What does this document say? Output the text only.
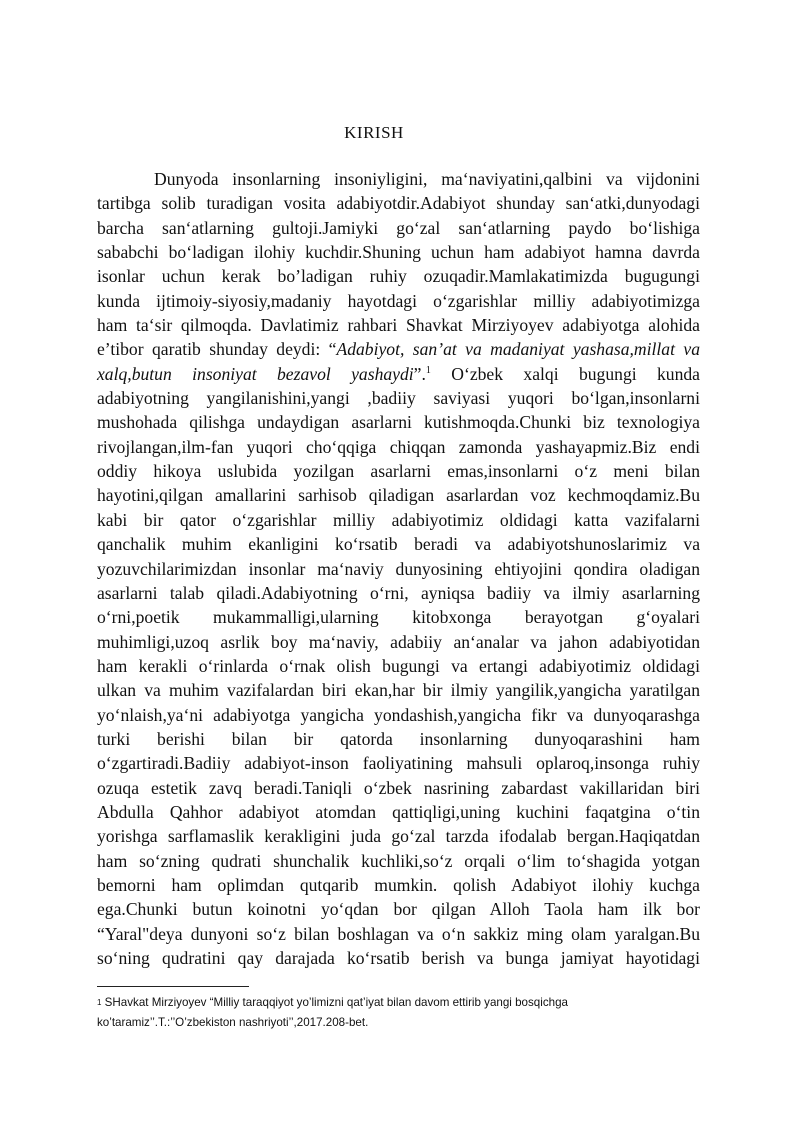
KIRISH
Dunyoda insonlarning insoniyligini, ma‘naviyatini,qalbini va vijdonini
tartibga solib turadigan vosita adabiyotdir.Adabiyot shunday san‘atki,dunyodagi
barcha san‘atlarning gultoji.Jamiyki go‘zal san‘atlarning paydo bo‘lishiga
sababchi bo‘ladigan ilohiy kuchdir.Shuning uchun ham adabiyot hamna davrda
isonlar uchun kerak bo’ladigan ruhiy ozuqadir.Mamlakatimizda bugugungi
kunda ijtimoiy-siyosiy,madaniy hayotdagi o‘zgarishlar milliy adabiyotimizga
ham ta‘sir qilmoqda. Davlatimiz rahbari Shavkat Mirziyoyev adabiyotga alohida
e’tibor qaratib shunday deydi: “Adabiyot, san’at va madaniyat yashasa,millat va
xalq,butun insoniyat bezavol yashaydi”.$^1$ O‘zbek xalqi bugungi kunda
adabiyotning yangilanishini,yangi ,badiiy saviyasi yuqori bo‘lgan,insonlarni
mushohada qilishga undaydigan asarlarni kutishmoqda.Chunki biz texnologiya
rivojlangan,ilm-fan yuqori cho‘qqiga chiqqan zamonda yashayapmiz.Biz endi
oddiy hikoya uslubida yozilgan asarlarni emas,insonlarni o‘z meni bilan
hayotini,qilgan amallarini sarhisob qiladigan asarlardan voz kechmoqdamiz.Bu
kabi bir qator o‘zgarishlar milliy adabiyotimiz oldidagi katta vazifalarni
qanchalik muhim ekanligini ko‘rsatib beradi va adabiyotshunoslarimiz va
yozuvchilarimizdan insonlar ma‘naviy dunyosining ehtiyojini qondira oladigan
asarlarni talab qiladi.Adabiyotning o‘rni, ayniqsa badiiy va ilmiy asarlarning
o‘rni,poetik mukammalligi,ularning kitobxonga berayotgan g‘oyalari
muhimligi,uzoq asrlik boy ma‘naviy, adabiiy an‘analar va jahon adabiyotidan
ham kerakli o‘rinlarda o‘rnak olish bugungi va ertangi adabiyotimiz oldidagi
ulkan va muhim vazifalardan biri ekan,har bir ilmiy yangilik,yangicha yaratilgan
yo‘nlaish,ya‘ni adabiyotga yangicha yondashish,yangicha fikr va dunyoqarashga
turki berishi bilan bir qatorda insonlarning dunyoqarashini ham
o‘zgartiradi.Badiiy adabiyot-inson faoliyatining mahsuli oplaroq,insonga ruhiy
ozuqa estetik zavq beradi.Taniqli o‘zbek nasrining zabardast vakillaridan biri
Abdulla Qahhor adabiyot atomdan qattiqligi,uning kuchini faqatgina o‘tin
yorishga sarflamaslik kerakligini juda go‘zal tarzda ifodalab bergan.Haqiqatdan
ham so‘zning qudrati shunchalik kuchliki,so‘z orqali o‘lim to‘shagida yotgan
bemorni ham oplimdan qutqarib mumkin. qolish Adabiyot ilohiy kuchga
ega.Chunki butun koinotni yo‘qdan bor qilgan Alloh Taola ham ilk bor
“Yaral"deya dunyoni so‘z bilan boshlagan va o‘n sakkiz ming olam yaralgan.Bu
so‘ning qudratini qay darajada ko‘rsatib berish va bunga jamiyat hayotidagi
$^1$ SHavkat Mirziyoyev “Milliy taraqqiyot yo’limizni qat’iyat bilan davom ettirib yangi bosqichga
ko’taramiz’’.T.:’’O’zbekiston nashriyoti’’,2017.208-bet.
